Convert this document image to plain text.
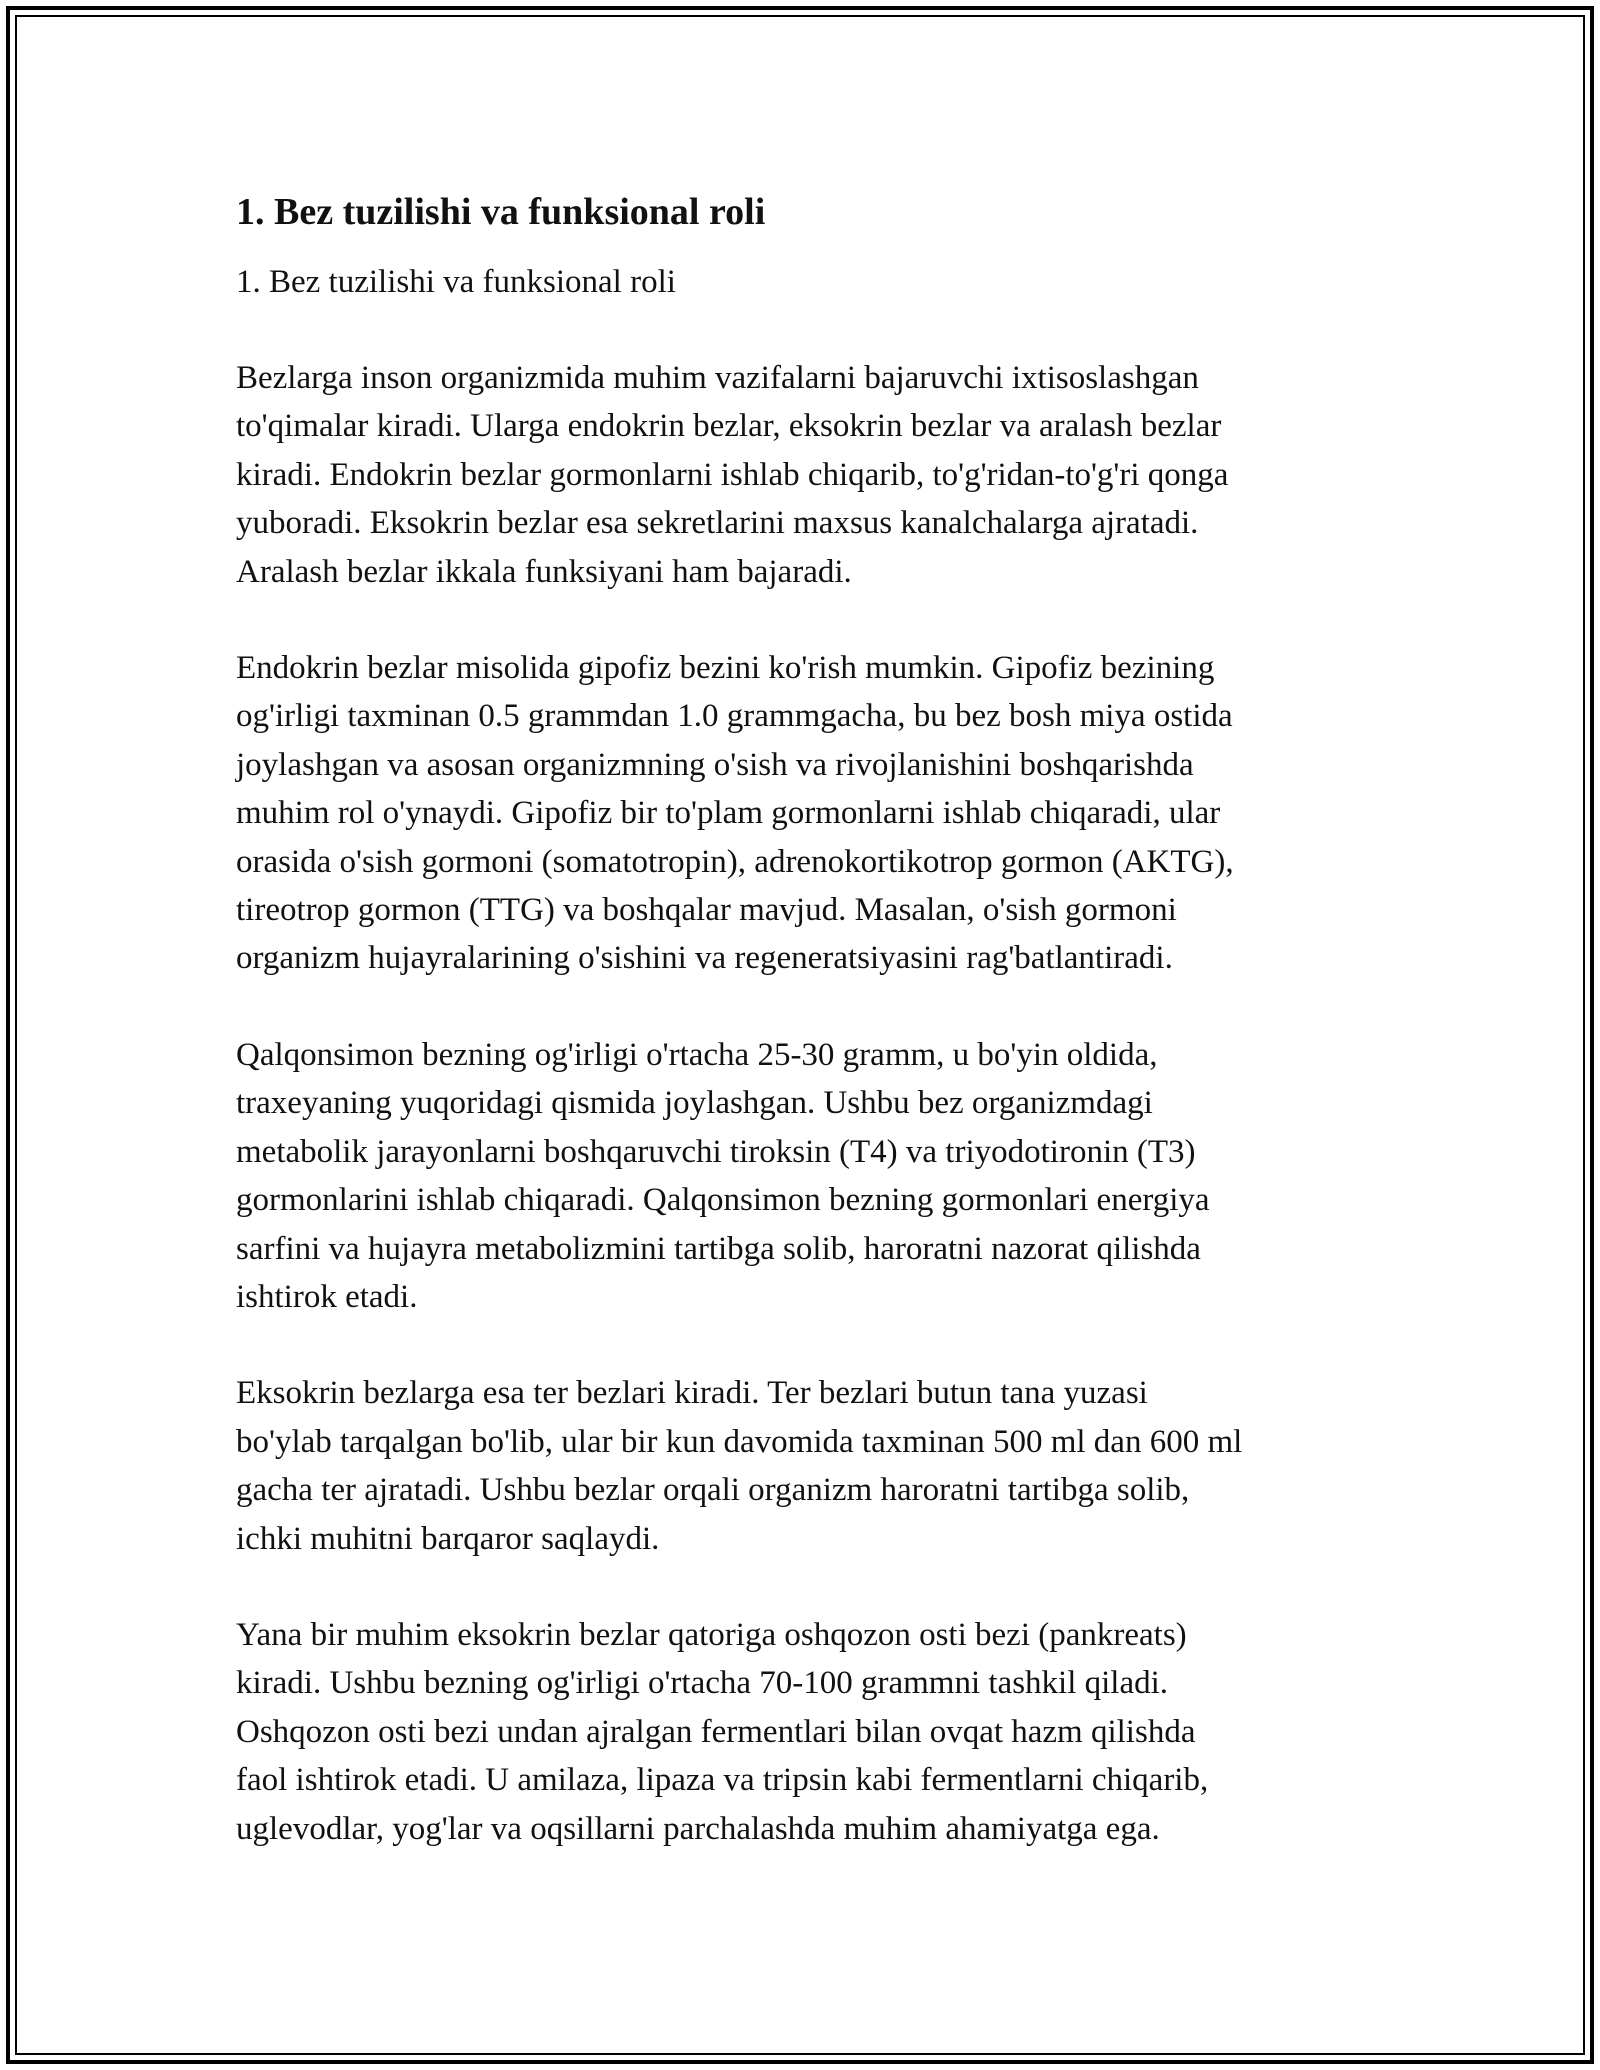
1. Bez tuzilishi va funksional roli

1. Bez tuzilishi va funksional roli

Bezlarga inson organizmida muhim vazifalarni bajaruvchi ixtisoslashgan
to'qimalar kiradi. Ularga endokrin bezlar, eksokrin bezlar va aralash bezlar
kiradi. Endokrin bezlar gormonlarni ishlab chiqarib, to'g'ridan-to'g'ri qonga
yuboradi. Eksokrin bezlar esa sekretlarini maxsus kanalchalarga ajratadi.
Aralash bezlar ikkala funksiyani ham bajaradi.
Endokrin bezlar misolida gipofiz bezini ko'rish mumkin. Gipofiz bezining
og'irligi taxminan 0.5 grammdan 1.0 grammgacha, bu bez bosh miya ostida
joylashgan va asosan organizmning o'sish va rivojlanishini boshqarishda
muhim rol o'ynaydi. Gipofiz bir to'plam gormonlarni ishlab chiqaradi, ular
orasida o'sish gormoni (somatotropin), adrenokortikotrop gormon (AKTG),
tireotrop gormon (TTG) va boshqalar mavjud. Masalan, o'sish gormoni
organizm hujayralarining o'sishini va regeneratsiyasini rag'batlantiradi.
Qalqonsimon bezning og'irligi o'rtacha 25-30 gramm, u bo'yin oldida,
traxeyaning yuqoridagi qismida joylashgan. Ushbu bez organizmdagi
metabolik jarayonlarni boshqaruvchi tiroksin (T4) va triyodotironin (T3)
gormonlarini ishlab chiqaradi. Qalqonsimon bezning gormonlari energiya
sarfini va hujayra metabolizmini tartibga solib, haroratni nazorat qilishda
ishtirok etadi.
Eksokrin bezlarga esa ter bezlari kiradi. Ter bezlari butun tana yuzasi
bo'ylab tarqalgan bo'lib, ular bir kun davomida taxminan 500 ml dan 600 ml
gacha ter ajratadi. Ushbu bezlar orqali organizm haroratni tartibga solib,
ichki muhitni barqaror saqlaydi.
Yana bir muhim eksokrin bezlar qatoriga oshqozon osti bezi (pankreats)
kiradi. Ushbu bezning og'irligi o'rtacha 70-100 grammni tashkil qiladi.
Oshqozon osti bezi undan ajralgan fermentlari bilan ovqat hazm qilishda
faol ishtirok etadi. U amilaza, lipaza va tripsin kabi fermentlarni chiqarib,
uglevodlar, yog'lar va oqsillarni parchalashda muhim ahamiyatga ega.
